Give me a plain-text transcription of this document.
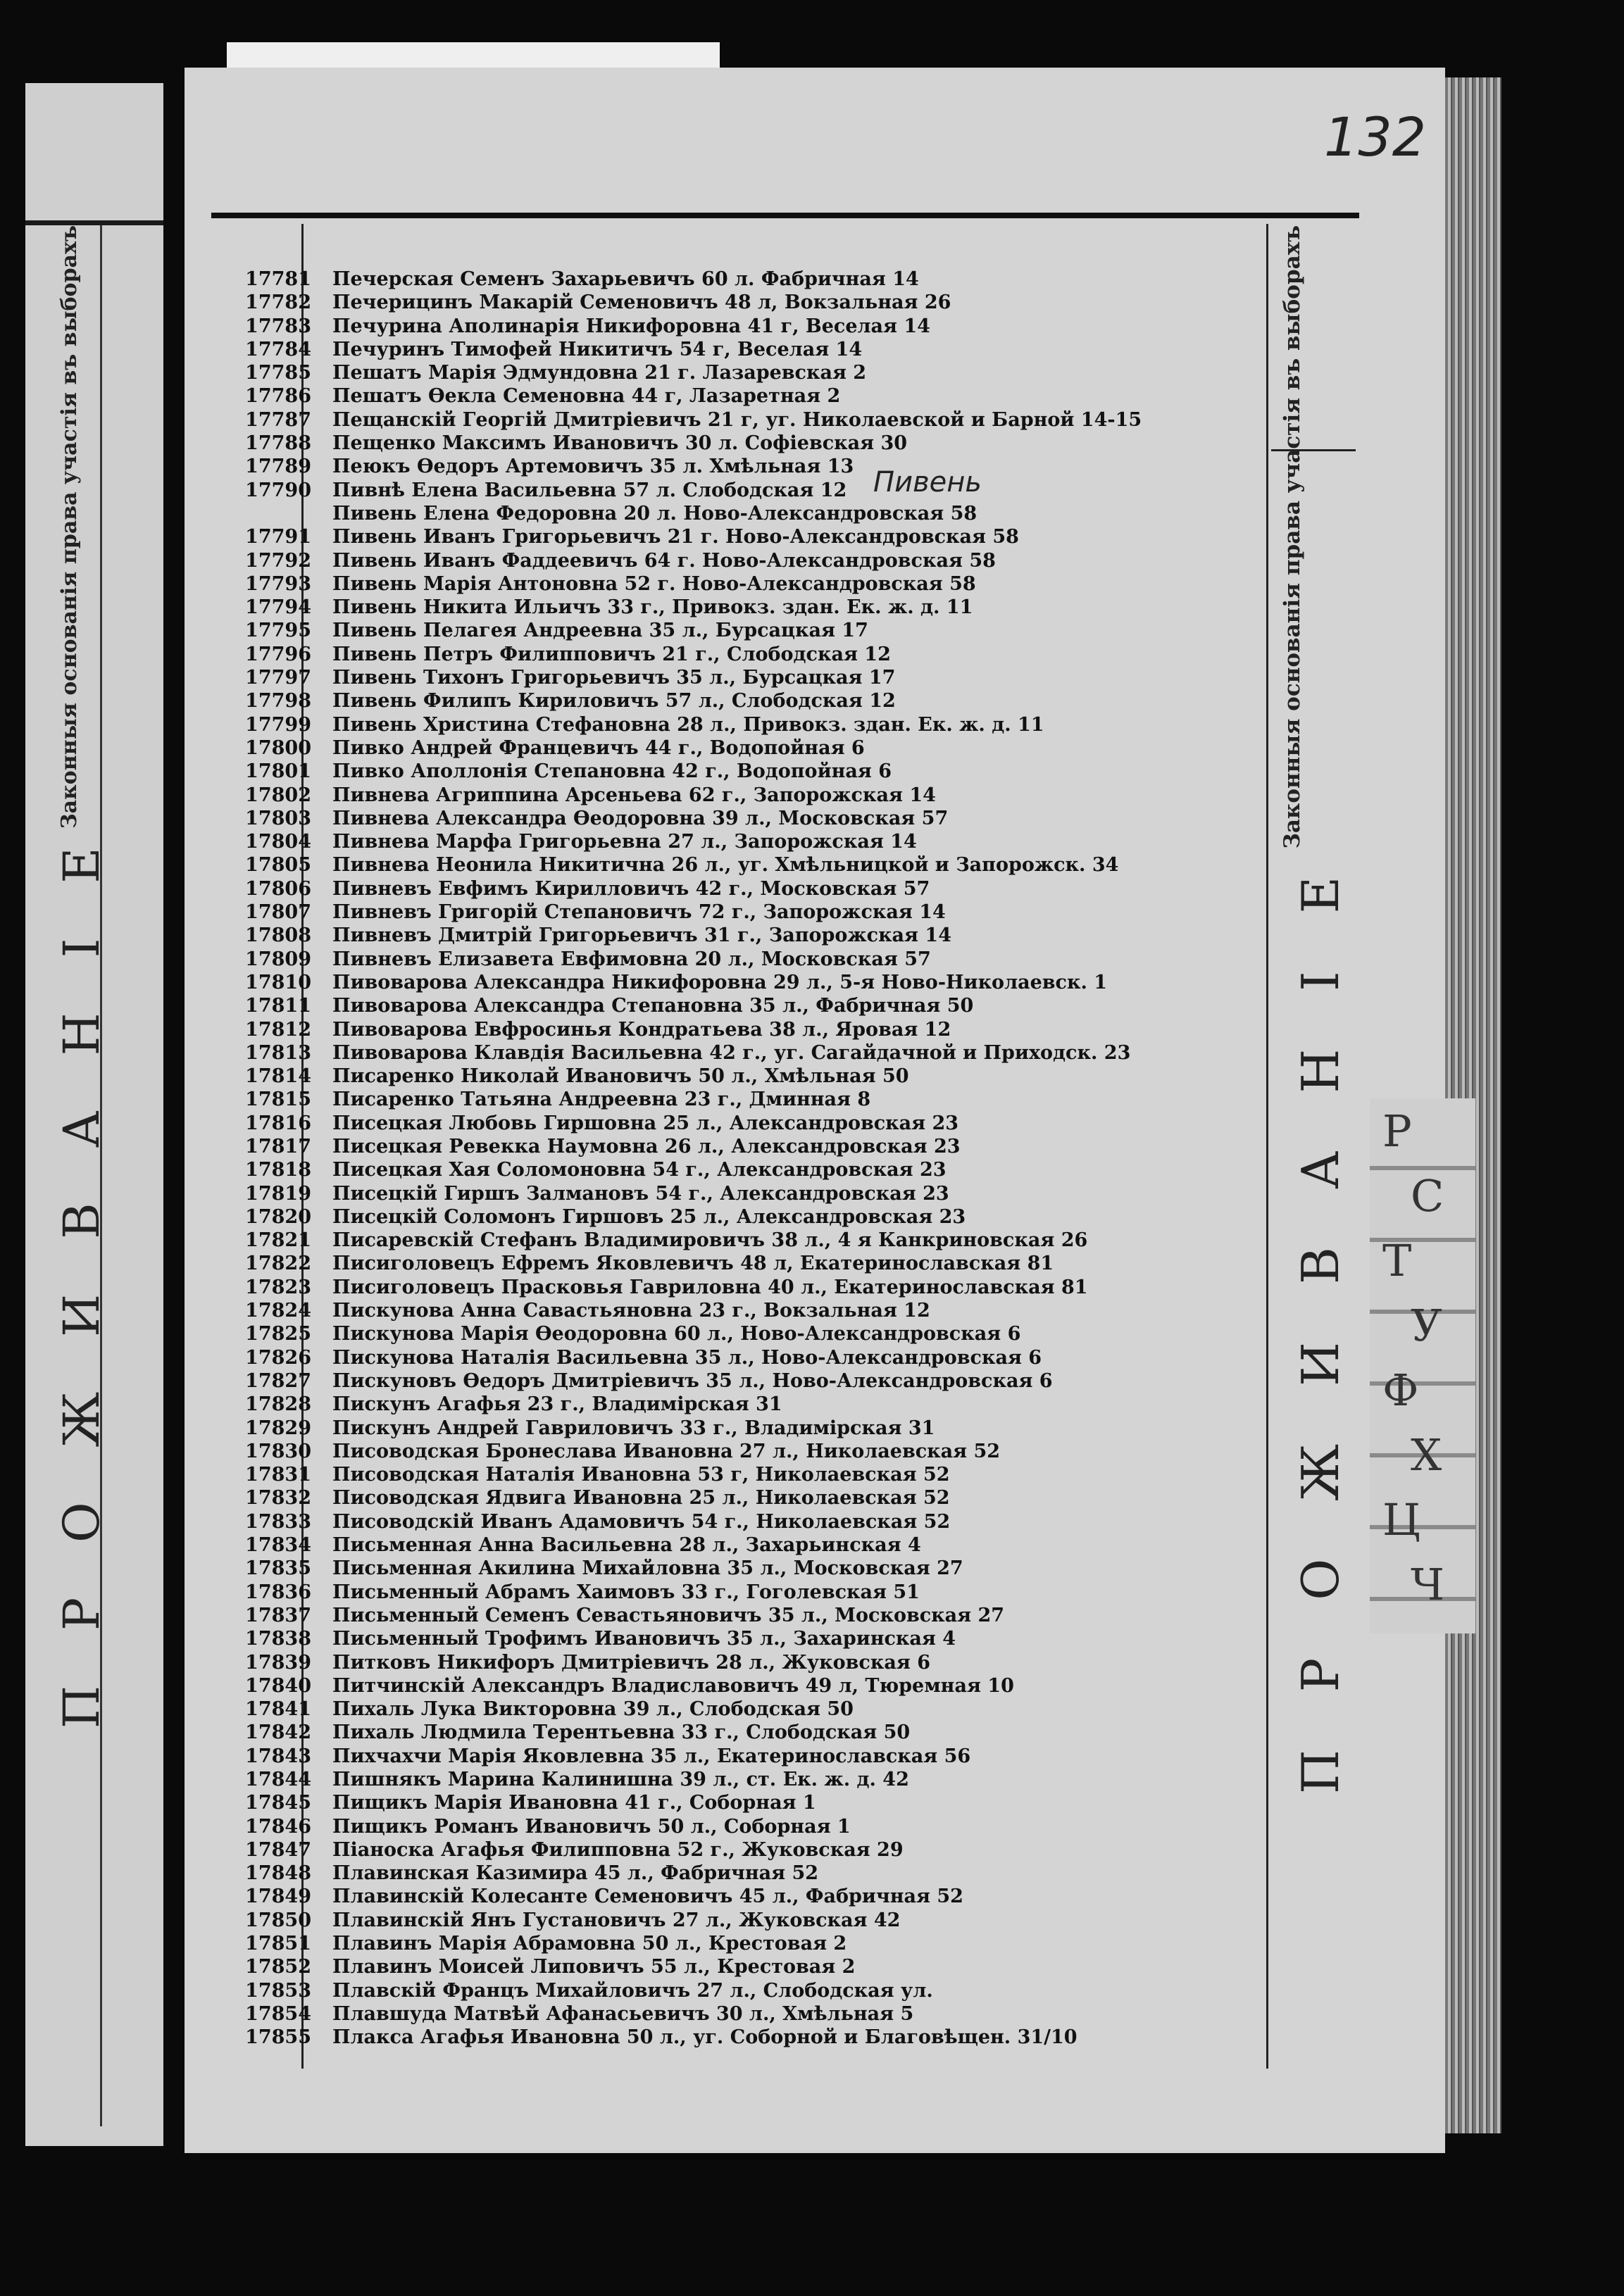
Законныя основанія права участія въ выборахъ
ПРОЖИВАНІЕ
132
Законныя основанія права участія въ выборахъ
ПРОЖИВАНІЕ
17781	Печерская Семенъ Захарьевичъ 60 л. Фабричная 14
17782	Печерицинъ Макарій Семеновичъ 48 л, Вокзальная 26
17783	Печурина Аполинарія Никифоровна 41 г, Веселая 14
17784	Печуринъ Тимофей Никитичъ 54 г, Веселая 14
17785	Пешатъ Марія Эдмундовна 21 г. Лазаревская 2
17786	Пешатъ Өекла Семеновна 44 г, Лазаретная 2
17787	Пещанскій Георгій Дмитріевичъ 21 г, уг. Николаевской и Барной 14-15
17788	Пещенко Максимъ Ивановичъ 30 л. Софіевская 30
17789	Пеюкъ Өедоръ Артемовичъ 35 л. Хмѣльная 13
17790	Пивнѣ Елена Васильевна 57 л. Слободская 12
Пивень Елена Федоровна 20 л. Ново-Александровская 58
17791	Пивень Иванъ Григорьевичъ 21 г. Ново-Александровская 58
17792	Пивень Иванъ Фаддеевичъ 64 г. Ново-Александровская 58
17793	Пивень Марія Антоновна 52 г. Ново-Александровская 58
17794	Пивень Никита Ильичъ 33 г., Привокз. здан. Ек. ж. д. 11
17795	Пивень Пелагея Андреевна 35 л., Бурсацкая 17
17796	Пивень Петръ Филипповичъ 21 г., Слободская 12
17797	Пивень Тихонъ Григорьевичъ 35 л., Бурсацкая 17
17798	Пивень Филипъ Кириловичъ 57 л., Слободская 12
17799	Пивень Христина Стефановна 28 л., Привокз. здан. Ек. ж. д. 11
17800	Пивко Андрей Францевичъ 44 г., Водопойная 6
17801	Пивко Аполлонія Степановна 42 г., Водопойная 6
17802	Пивнева Агриппина Арсеньева 62 г., Запорожская 14
17803	Пивнева Александра Өеодоровна 39 л., Московская 57
17804	Пивнева Марфа Григорьевна 27 л., Запорожская 14
17805	Пивнева Неонила Никитична 26 л., уг. Хмѣльницкой и Запорожск. 34
17806	Пивневъ Евфимъ Кирилловичъ 42 г., Московская 57
17807	Пивневъ Григорій Степановичъ 72 г., Запорожская 14
17808	Пивневъ Дмитрій Григорьевичъ 31 г., Запорожская 14
17809	Пивневъ Елизавета Евфимовна 20 л., Московская 57
17810	Пивоварова Александра Никифоровна 29 л., 5-я Ново-Николаевск. 1
17811	Пивоварова Александра Степановна 35 л., Фабричная 50
17812	Пивоварова Евфросинья Кондратьева 38 л., Яровая 12
17813	Пивоварова Клавдія Васильевна 42 г., уг. Сагайдачной и Приходск. 23
17814	Писаренко Николай Ивановичъ 50 л., Хмѣльная 50
17815	Писаренко Татьяна Андреевна 23 г., Дминная 8
17816	Писецкая Любовь Гиршовна 25 л., Александровская 23
17817	Писецкая Ревекка Наумовна 26 л., Александровская 23
17818	Писецкая Хая Соломоновна 54 г., Александровская 23
17819	Писецкій Гиршъ Залмановъ 54 г., Александровская 23
17820	Писецкій Соломонъ Гиршовъ 25 л., Александровская 23
17821	Писаревскій Стефанъ Владимировичъ 38 л., 4 я Канкриновская 26
17822	Писиголовецъ Ефремъ Яковлевичъ 48 л, Екатеринославская 81
17823	Писиголовецъ Прасковья Гавриловна 40 л., Екатеринославская 81
17824	Пискунова Анна Савастьяновна 23 г., Вокзальная 12
17825	Пискунова Марія Өеодоровна 60 л., Ново-Александровская 6
17826	Пискунова Наталія Васильевна 35 л., Ново-Александровская 6
17827	Пискуновъ Өедоръ Дмитріевичъ 35 л., Ново-Александровская 6
17828	Пискунъ Агафья 23 г., Владимірская 31
17829	Пискунъ Андрей Гавриловичъ 33 г., Владимірская 31
17830	Писоводская Бронеслава Ивановна 27 л., Николаевская 52
17831	Писоводская Наталія Ивановна 53 г, Николаевская 52
17832	Писоводская Ядвига Ивановна 25 л., Николаевская 52
17833	Писоводскій Иванъ Адамовичъ 54 г., Николаевская 52
17834	Письменная Анна Васильевна 28 л., Захарьинская 4
17835	Письменная Акилина Михайловна 35 л., Московская 27
17836	Письменный Абрамъ Хаимовъ 33 г., Гоголевская 51
17837	Письменный Семенъ Севастьяновичъ 35 л., Московская 27
17838	Письменный Трофимъ Ивановичъ 35 л., Захаринская 4
17839	Питковъ Никифоръ Дмитріевичъ 28 л., Жуковская 6
17840	Питчинскій Александръ Владиславовичъ 49 л, Тюремная 10
17841	Пихаль Лука Викторовна 39 л., Слободская 50
17842	Пихаль Людмила Терентьевна 33 г., Слободская 50
17843	Пихчахчи Марія Яковлевна 35 л., Екатеринославская 56
17844	Пишнякъ Марина Калинишна 39 л., ст. Ек. ж. д. 42
17845	Пищикъ Марія Ивановна 41 г., Соборная 1
17846	Пищикъ Романъ Ивановичъ 50 л., Соборная 1
17847	Піаноска Агафья Филипповна 52 г., Жуковская 29
17848	Плавинская Казимира 45 л., Фабричная 52
17849	Плавинскій Колесанте Семеновичъ 45 л., Фабричная 52
17850	Плавинскій Янъ Густановичъ 27 л., Жуковская 42
17851	Плавинъ Марія Абрамовна 50 л., Крестовая 2
17852	Плавинъ Моисей Липовичъ 55 л., Крестовая 2
17853	Плавскій Францъ Михайловичъ 27 л., Слободская ул.
17854	Плавшуда Матвѣй Афанасьевичъ 30 л., Хмѣльная 5
17855	Плакса Агафья Ивановна 50 л., уг. Соборной и Благовѣщен. 31/10
Пивень
Р
С
Т
У
Ф
Х
Ц
Ч
